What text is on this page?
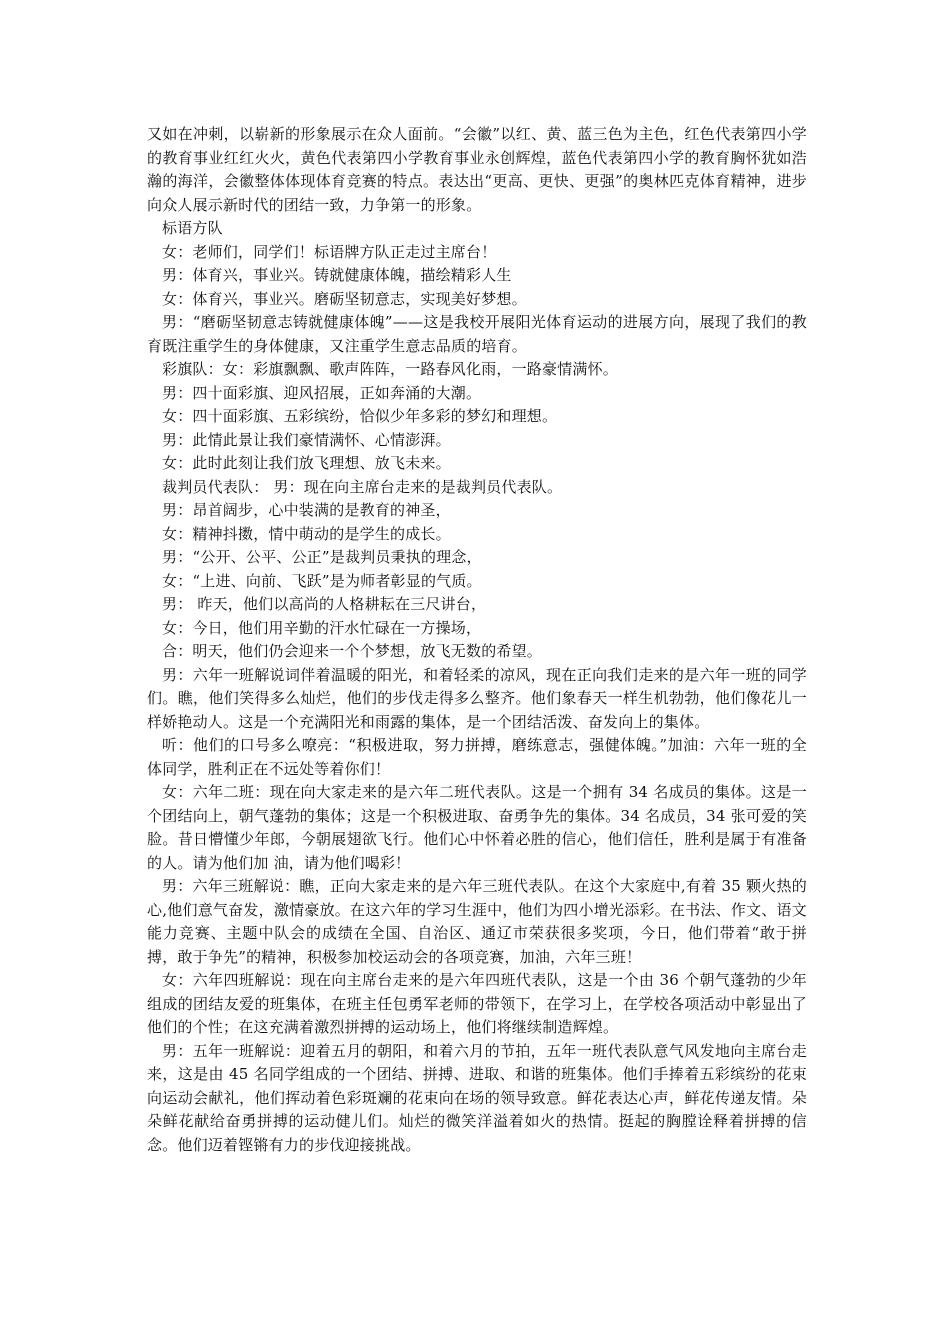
又如在冲刺，以崭新的形象展示在众人面前。“会徽”以红、黄、蓝三色为主色，红色代表第四小学的教育事业红红火火，黄色代表第四小学教育事业永创辉煌，蓝色代表第四小学的教育胸怀犹如浩瀚的海洋，会徽整体体现体育竞赛的特点。表达出“更高、更快、更强”的奥林匹克体育精神，进步向众人展示新时代的团结一致，力争第一的形象。

标语方队

女：老师们，同学们！标语牌方队正走过主席台！

男：体育兴，事业兴。铸就健康体魄，描绘精彩人生

女：体育兴，事业兴。磨砺坚韧意志，实现美好梦想。

男：“磨砺坚韧意志铸就健康体魄”——这是我校开展阳光体育运动的进展方向，展现了我们的教育既注重学生的身体健康，又注重学生意志品质的培育。

彩旗队：女：彩旗飘飘、歌声阵阵，一路春风化雨，一路豪情满怀。

男：四十面彩旗、迎风招展，正如奔涌的大潮。

女：四十面彩旗、五彩缤纷，恰似少年多彩的梦幻和理想。

男：此情此景让我们豪情满怀、心情澎湃。

女：此时此刻让我们放飞理想、放飞未来。

裁判员代表队： 男：现在向主席台走来的是裁判员代表队。

男：昂首阔步，心中装满的是教育的神圣，

女：精神抖擞，情中萌动的是学生的成长。

男：“公开、公平、公正”是裁判员秉执的理念，

女：“上进、向前、飞跃”是为师者彰显的气质。

男： 昨天，他们以高尚的人格耕耘在三尺讲台，

女：今日，他们用辛勤的汗水忙碌在一方操场，

合：明天，他们仍会迎来一个个梦想，放飞无数的希望。

男：六年一班解说词伴着温暖的阳光，和着轻柔的凉风，现在正向我们走来的是六年一班的同学们。瞧，他们笑得多么灿烂，他们的步伐走得多么整齐。他们象春天一样生机勃勃，他们像花儿一样娇艳动人。这是一个充满阳光和雨露的集体，是一个团结活泼、奋发向上的集体。

听：他们的口号多么嘹亮：“积极进取，努力拼搏，磨练意志，强健体魄。”加油：六年一班的全体同学，胜利正在不远处等着你们！

女：六年二班：现在向大家走来的是六年二班代表队。这是一个拥有 34 名成员的集体。这是一个团结向上，朝气蓬勃的集体；这是一个积极进取、奋勇争先的集体。34 名成员，34 张可爱的笑脸。昔日懵懂少年郎，今朝展翅欲飞行。他们心中怀着必胜的信心，他们信任，胜利是属于有准备的人。请为他们加 油，请为他们喝彩！

男：六年三班解说：瞧，正向大家走来的是六年三班代表队。在这个大家庭中,有着 35 颗火热的心,他们意气奋发，激情豪放。在这六年的学习生涯中，他们为四小增光添彩。在书法、作文、语文能力竞赛、主题中队会的成绩在全国、自治区、通辽市荣获很多奖项，今日，他们带着“敢于拼搏，敢于争先”的精神，积极参加校运动会的各项竞赛，加油，六年三班！

女：六年四班解说：现在向主席台走来的是六年四班代表队，这是一个由 36 个朝气蓬勃的少年组成的团结友爱的班集体，在班主任包勇军老师的带领下，在学习上，在学校各项活动中彰显出了他们的个性；在这充满着激烈拼搏的运动场上，他们将继续制造辉煌。

男：五年一班解说：迎着五月的朝阳，和着六月的节拍，五年一班代表队意气风发地向主席台走来，这是由 45 名同学组成的一个团结、拼搏、进取、和谐的班集体。他们手捧着五彩缤纷的花束向运动会献礼，他们挥动着色彩斑斓的花束向在场的领导致意。鲜花表达心声，鲜花传递友情。朵朵鲜花献给奋勇拼搏的运动健儿们。灿烂的微笑洋溢着如火的热情。挺起的胸膛诠释着拼搏的信念。他们迈着铿锵有力的步伐迎接挑战。
